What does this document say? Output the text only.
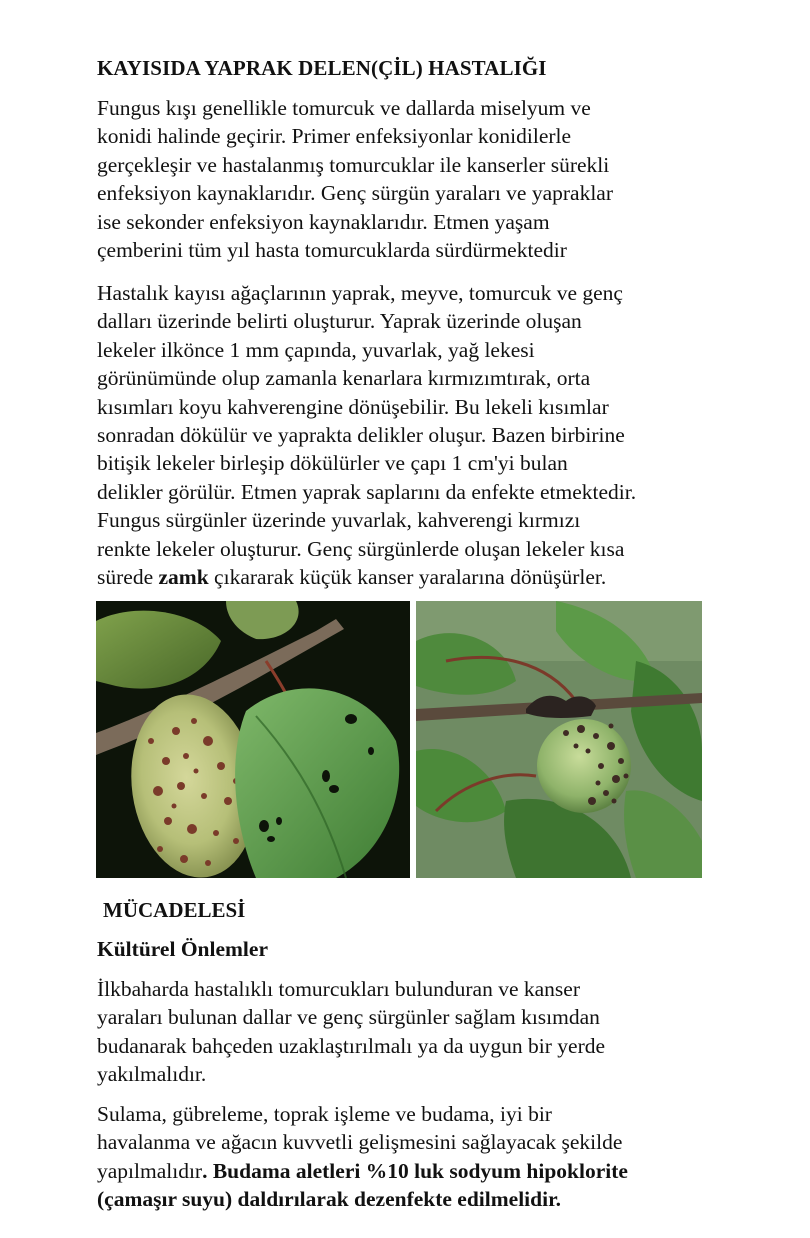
KAYISIDA YAPRAK DELEN(ÇİL) HASTALIĞI

Fungus kışı genellikle tomurcuk ve dallarda miselyum ve
konidi halinde geçirir. Primer enfeksiyonlar konidilerle
gerçekleşir ve hastalanmış tomurcuklar ile kanserler sürekli
enfeksiyon kaynaklarıdır. Genç sürgün yaraları ve yapraklar
ise sekonder enfeksiyon kaynaklarıdır. Etmen yaşam
çemberini tüm yıl hasta tomurcuklarda sürdürmektedir

Hastalık kayısı ağaçlarının yaprak, meyve, tomurcuk ve genç
dalları üzerinde belirti oluşturur. Yaprak üzerinde oluşan
lekeler ilkönce 1 mm çapında, yuvarlak, yağ lekesi
görünümünde olup zamanla kenarlara kırmızımtırak, orta
kısımları koyu kahverengine dönüşebilir. Bu lekeli kısımlar
sonradan dökülür ve yaprakta delikler oluşur. Bazen birbirine
bitişik lekeler birleşip dökülürler ve çapı 1 cm'yi bulan
delikler görülür. Etmen yaprak saplarını da enfekte etmektedir.
Fungus sürgünler üzerinde yuvarlak, kahverengi kırmızı
renkte lekeler oluşturur. Genç sürgünlerde oluşan lekeler kısa
sürede zamk çıkararak küçük kanser yaralarına dönüşürler.

MÜCADELESİ
Kültürel Önlemler

İlkbaharda hastalıklı tomurcukları bulunduran ve kanser
yaraları bulunan dallar ve genç sürgünler sağlam kısımdan
budanarak bahçeden uzaklaştırılmalı ya da uygun bir yerde
yakılmalıdır.

Sulama, gübreleme, toprak işleme ve budama, iyi bir
havalanma ve ağacın kuvvetli gelişmesini sağlayacak şekilde
yapılmalıdır. Budama aletleri %10 luk sodyum hipoklorite
(çamaşır suyu) daldırılarak dezenfekte edilmelidir.
